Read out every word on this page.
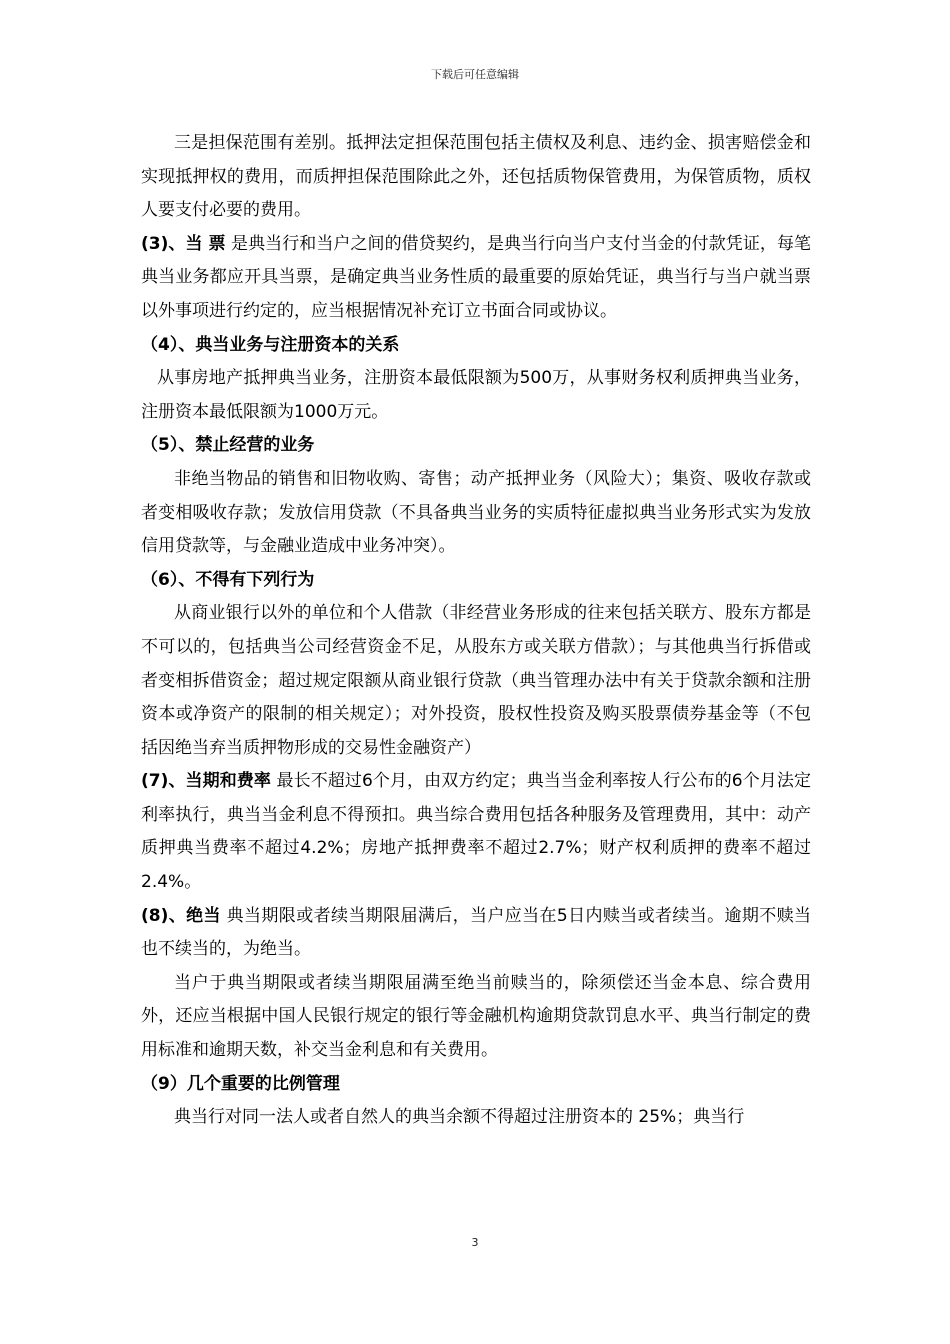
下载后可任意编辑

三是担保范围有差别。抵押法定担保范围包括主债权及利息、违约金、损害赔偿金和实现抵押权的费用，而质押担保范围除此之外，还包括质物保管费用，为保管质物，质权人要支付必要的费用。

(3)、当 票 是典当行和当户之间的借贷契约，是典当行向当户支付当金的付款凭证，每笔典当业务都应开具当票，是确定典当业务性质的最重要的原始凭证，典当行与当户就当票以外事项进行约定的，应当根据情况补充订立书面合同或协议。

（4）、典当业务与注册资本的关系

从事房地产抵押典当业务，注册资本最低限额为500万，从事财务权利质押典当业务，注册资本最低限额为1000万元。

（5）、禁止经营的业务

非绝当物品的销售和旧物收购、寄售；动产抵押业务（风险大）；集资、吸收存款或者变相吸收存款；发放信用贷款（不具备典当业务的实质特征虚拟典当业务形式实为发放信用贷款等，与金融业造成中业务冲突）。

（6）、不得有下列行为

从商业银行以外的单位和个人借款（非经营业务形成的往来包括关联方、股东方都是不可以的，包括典当公司经营资金不足，从股东方或关联方借款）；与其他典当行拆借或者变相拆借资金；超过规定限额从商业银行贷款（典当管理办法中有关于贷款余额和注册资本或净资产的限制的相关规定）；对外投资，股权性投资及购买股票债券基金等（不包括因绝当弃当质押物形成的交易性金融资产）

(7)、当期和费率 最长不超过6个月，由双方约定；典当当金利率按人行公布的6个月法定利率执行，典当当金利息不得预扣。典当综合费用包括各种服务及管理费用，其中：动产质押典当费率不超过4.2%；房地产抵押费率不超过2.7%；财产权利质押的费率不超过2.4%。

(8)、绝当 典当期限或者续当期限届满后，当户应当在5日内赎当或者续当。逾期不赎当也不续当的，为绝当。

当户于典当期限或者续当期限届满至绝当前赎当的，除须偿还当金本息、综合费用外，还应当根据中国人民银行规定的银行等金融机构逾期贷款罚息水平、典当行制定的费用标准和逾期天数，补交当金利息和有关费用。

（9）几个重要的比例管理

典当行对同一法人或者自然人的典当余额不得超过注册资本的 25%；典当行

3
